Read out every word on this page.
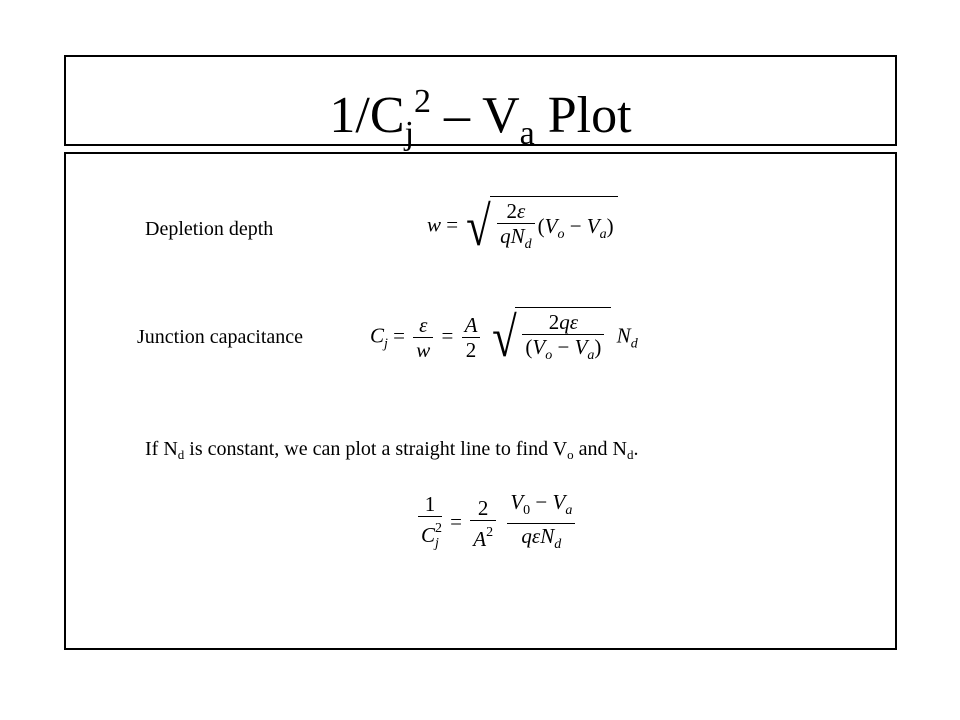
$1/C_j^2 - V_a$ Plot
Depletion depth	w = √ $\frac{2\varepsilon}{qN_d} (V_o - V_a)$
Junction capacitance	$C_j = \frac{\varepsilon}{w} = \frac{A}{2}$ √ $\frac{2q\varepsilon}{(V_o - V_a)} N_d$
If $N_d$ is constant, we can plot a straight line to find $V_o$ and $N_d$.
$\frac{1}{C^2_j} = \frac{2}{A^2}$
$\frac{V_0 - V_a}{q\varepsilon N_d}$
